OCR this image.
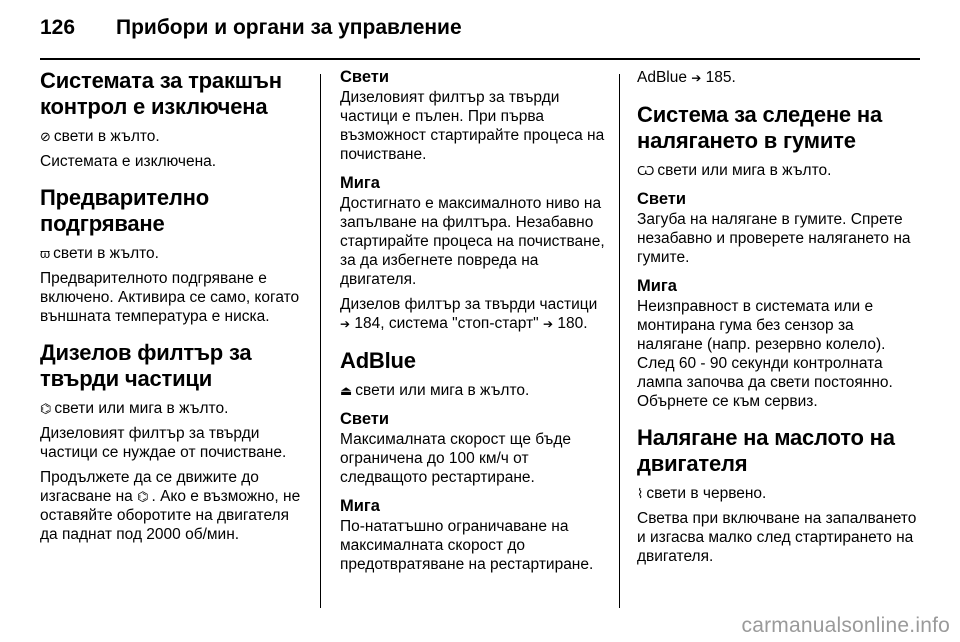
126	Прибори и органи за управление
Системата за тракшън контрол е изключена

⊘ свети в жълто.

Системата е изключена.

Предварително подгряване

ϖ свети в жълто.

Предварителното подгряване е включено. Активира се само, когато външната температура е ниска.

Дизелов филтър за твърди частици

⌬ свети или мига в жълто.

Дизеловият филтър за твърди частици се нуждае от почистване.

Продължете да се движите до изгасване на ⌬ . Ако е възможно, не оставяйте оборотите на двигателя да паднат под 2000 об/мин.

Свети

Дизеловият филтър за твърди частици е пълен. При първа възможност стартирайте процеса на почистване.

Мига

Достигнато е максималното ниво на запълване на филтъра. Незабавно стартирайте процеса на почистване, за да избегнете повреда на двигателя.

Дизелов филтър за твърди частици ➔ 184, система "стоп-старт" ➔ 180.

AdBlue

⏏ свети или мига в жълто.

Свети

Максималната скорост ще бъде ограничена до 100 км/ч от следващото рестартиране.

Мига

По-нататъшно ограничаване на максималната скорост до предотвратяване на рестартиране.

AdBlue ➔ 185.

Система за следене на налягането в гумите

Ѡ свети или мига в жълто.

Свети

Загуба на налягане в гумите. Спрете незабавно и проверете налягането на гумите.

Мига

Неизправност в системата или е монтирана гума без сензор за налягане (напр. резервно колело). След 60 - 90 секунди контролната лампа започва да свети постоянно. Обърнете се към сервиз.

Налягане на маслото на двигателя

⌇ свети в червено.

Светва при включване на запалването и изгасва малко след стартирането на двигателя.

carmanualsonline.info
